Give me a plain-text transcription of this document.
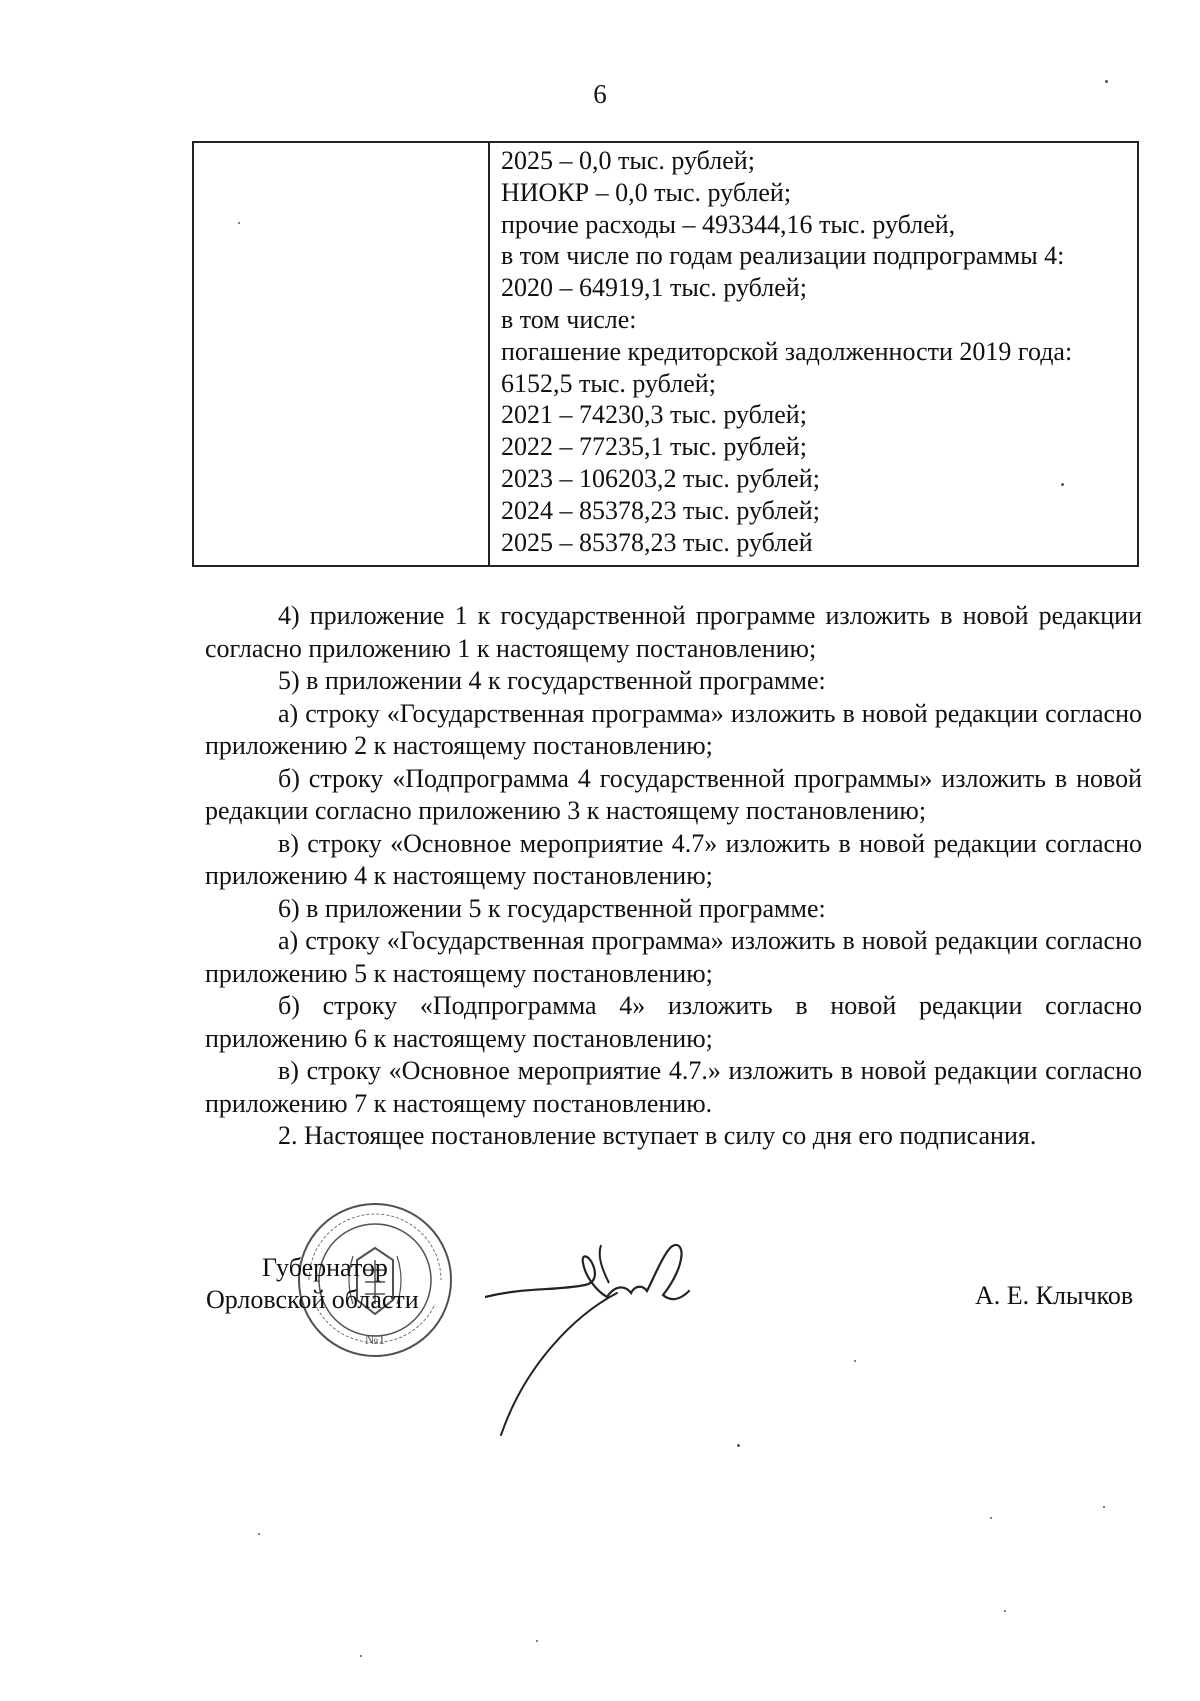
6
2025 – 0,0 тыс. рублей;
НИОКР – 0,0 тыс. рублей;
прочие расходы – 493344,16 тыс. рублей,
в том числе по годам реализации подпрограммы 4:
2020 – 64919,1 тыс. рублей;
в том числе:
погашение кредиторской задолженности 2019 года:
6152,5 тыс. рублей;
2021 – 74230,3 тыс. рублей;
2022 – 77235,1 тыс. рублей;
2023 – 106203,2 тыс. рублей;
2024 – 85378,23 тыс. рублей;
2025 – 85378,23 тыс. рублей

4) приложение 1 к государственной программе изложить в новой редакции согласно приложению 1 к настоящему постановлению;

5) в приложении 4 к государственной программе:

а) строку «Государственная программа» изложить в новой редакции согласно приложению 2 к настоящему постановлению;

б) строку «Подпрограмма 4 государственной программы» изложить в новой редакции согласно приложению 3 к настоящему постановлению;

в) строку «Основное мероприятие 4.7» изложить в новой редакции согласно приложению 4 к настоящему постановлению;

6) в приложении 5 к государственной программе:

а) строку «Государственная программа» изложить в новой редакции согласно приложению 5 к настоящему постановлению;

б) строку «Подпрограмма 4» изложить в новой редакции согласно приложению 6 к настоящему постановлению;

в) строку «Основное мероприятие 4.7.» изложить в новой редакции согласно приложению 7 к настоящему постановлению.

2. Настоящее постановление вступает в силу со дня его подписания.

№1
Губернатор
Орловской области	А. Е. Клычков
